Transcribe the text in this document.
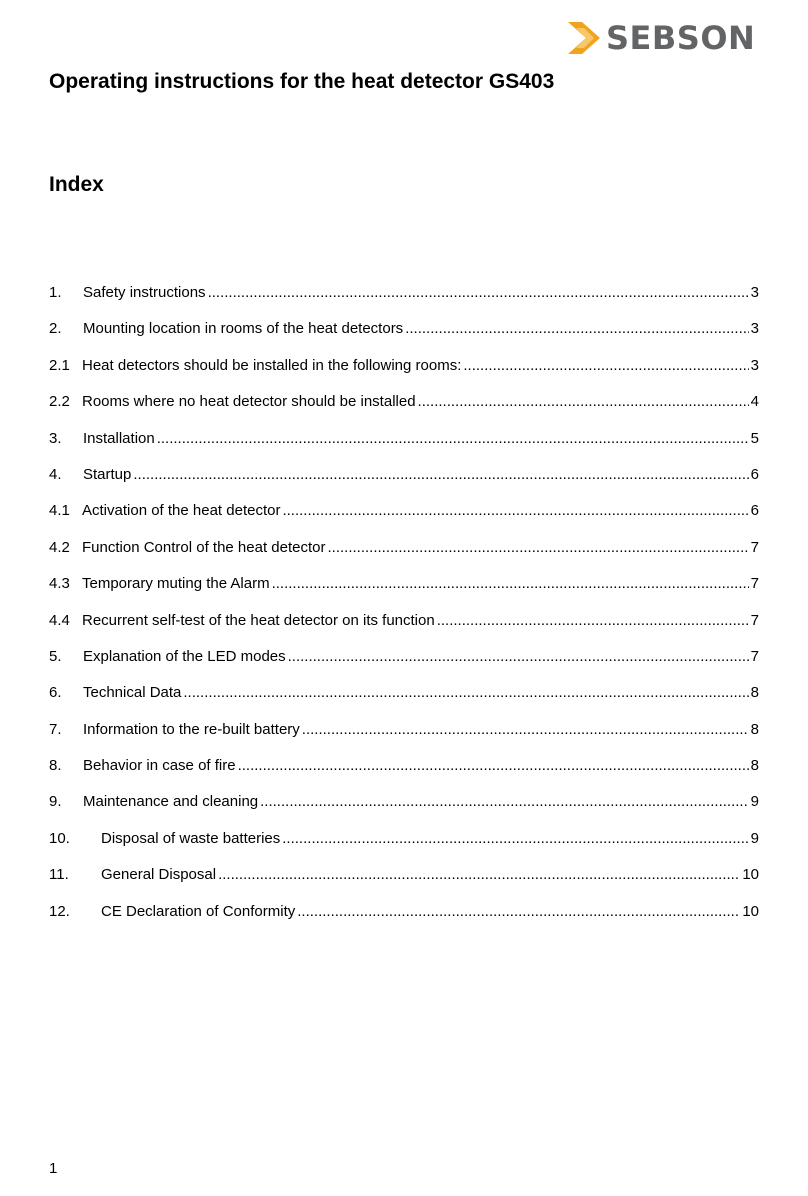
SEBSON
Operating instructions for the heat detector GS403
Index
1.	Safety instructions .....	3
2.	Mounting location in rooms of the heat detectors .....	3
2.1 Heat detectors should be installed in the following rooms: .....	3
2.2 Rooms where no heat detector should be installed .....	4
3.	Installation .....	5
4.	Startup .....	6
4.1 Activation of the heat detector .....	6
4.2 Function Control of the heat detector .....	7
4.3 Temporary muting the Alarm .....	7
4.4 Recurrent self-test of the heat detector on its function .....	7
5.	Explanation of the LED modes .....	7
6.	Technical Data .....	8
7.	Information to the re-built battery .....	8
8.	Behavior in case of fire .....	8
9.	Maintenance and cleaning .....	9
10.	Disposal of waste batteries .....	9
11.	General Disposal .....	10
12.	CE Declaration of Conformity .....	10
1
